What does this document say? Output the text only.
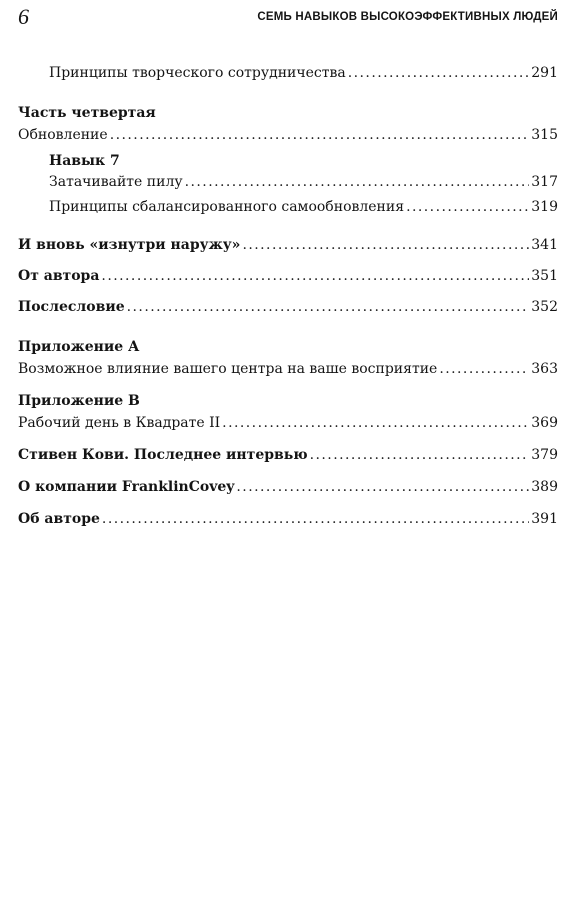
6	СЕМЬ НАВЫКОВ ВЫСОКОЭФФЕКТИВНЫХ ЛЮДЕЙ
Принципы творческого сотрудничества . . .	291
Часть четвертая
Обновление . . .	315
Навык 7
Затачивайте пилу . . .	317
Принципы сбалансированного самообновления . . .	319
И вновь «изнутри наружу» . . .	341
От автора . . .	351
Послесловие . . .	352
Приложение А
Возможное влияние вашего центра на ваше восприятие . . .	363
Приложение В
Рабочий день в Квадрате II . . .	369
Стивен Кови. Последнее интервью . . .	379
О компании FranklinCovey . . .	389
Об авторе . . .	391
